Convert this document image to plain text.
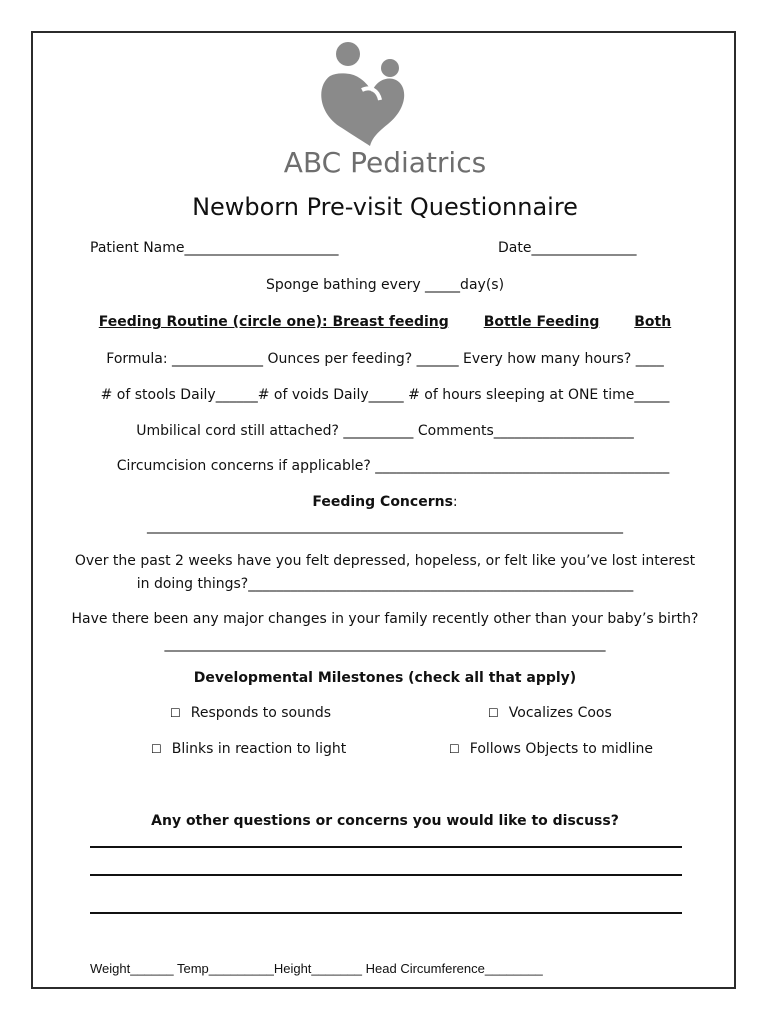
ABC Pediatrics
Newborn Pre-visit Questionnaire
Patient Name______________________	Date_______________
Sponge bathing every _____day(s)
Feeding Routine (circle one): Breast feeding Bottle Feeding Both
Formula: _____________ Ounces per feeding? ______ Every how many hours? ____
# of stools Daily______# of voids Daily_____ # of hours sleeping at ONE time_____
Umbilical cord still attached? __________ Comments____________________
Circumcision concerns if applicable? __________________________________________
Feeding Concerns:
____________________________________________________________________
Over the past 2 weeks have you felt depressed, hopeless, or felt like you’ve lost interest
in doing things?_______________________________________________________
Have there been any major changes in your family recently other than your baby’s birth?
_______________________________________________________________
Developmental Milestones (check all that apply)
☐ Responds to sounds	☐ Vocalizes Coos
☐ Blinks in reaction to light	☐ Follows Objects to midline
Any other questions or concerns you would like to discuss?
Weight______ Temp_________Height_______ Head Circumference________
